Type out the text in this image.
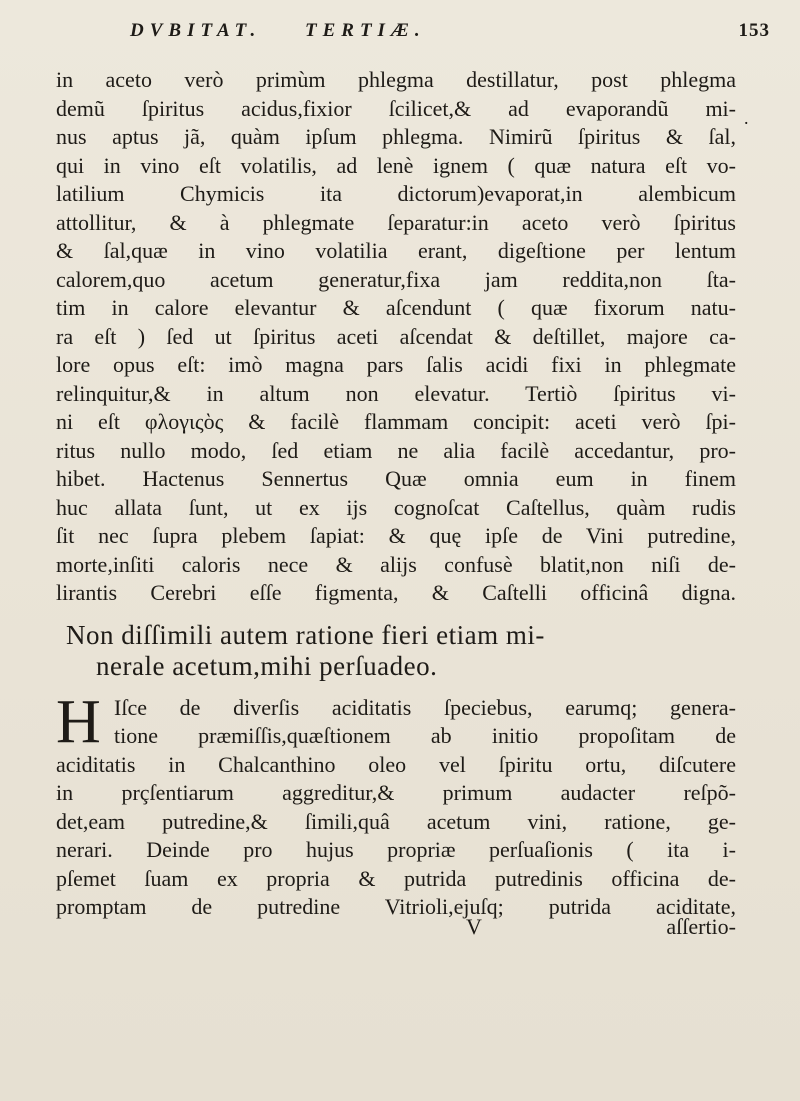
DVBITAT. TERTIÆ.	153
.
in aceto verò primùm phlegma destillatur, post phlegma
demũ ſpiritus acidus,fixior ſcilicet,& ad evaporandũ mi-
nus aptus jã, quàm ipſum phlegma. Nimirũ ſpiritus & ſal,
qui in vino eſt volatilis, ad lenè ignem ( quæ natura eſt vo-
latilium Chymicis ita dictorum)evaporat,in alembicum
attollitur, & à phlegmate ſeparatur:in aceto verò ſpiritus
& ſal,quæ in vino volatilia erant, digeſtione per lentum
calorem,quo acetum generatur,fixa jam reddita,non ſta-
tim in calore elevantur & aſcendunt ( quæ fixorum natu-
ra eſt ) ſed ut ſpiritus aceti aſcendat & deſtillet, majore ca-
lore opus eſt: imò magna pars ſalis acidi fixi in phlegmate
relinquitur,& in altum non elevatur. Tertiò ſpiritus vi-
ni eſt φλογιςὸς & facilè flammam concipit: aceti verò ſpi-
ritus nullo modo, ſed etiam ne alia facilè accedantur, pro-
hibet. Hactenus Sennertus Quæ omnia eum in finem
huc allata ſunt, ut ex ijs cognoſcat Caſtellus, quàm rudis
ſit nec ſupra plebem ſapiat: & quę ipſe de Vini putredine,
morte,inſiti caloris nece & alijs confusè blatit,non niſi de-
lirantis Cerebri eſſe figmenta, & Caſtelli officinâ digna.
Non diſſimili autem ratione fieri etiam mi-
nerale acetum,mihi perſuadeo.
H Iſce de diverſis aciditatis ſpeciebus, earumq; genera-
tione præmiſſis,quæſtionem ab initio propoſitam de
aciditatis in Chalcanthino oleo vel ſpiritu ortu, diſcutere
in prçſentiarum aggreditur,& primum audacter reſpõ-
det,eam putredine,& ſimili,quâ acetum vini, ratione, ge-
nerari. Deinde pro hujus propriæ perſuaſionis ( ita i-
pſemet ſuam ex propria & putrida putredinis officina de-
promptam de putredine Vitrioli,ejuſq; putrida aciditate,
V	aſſertio-
